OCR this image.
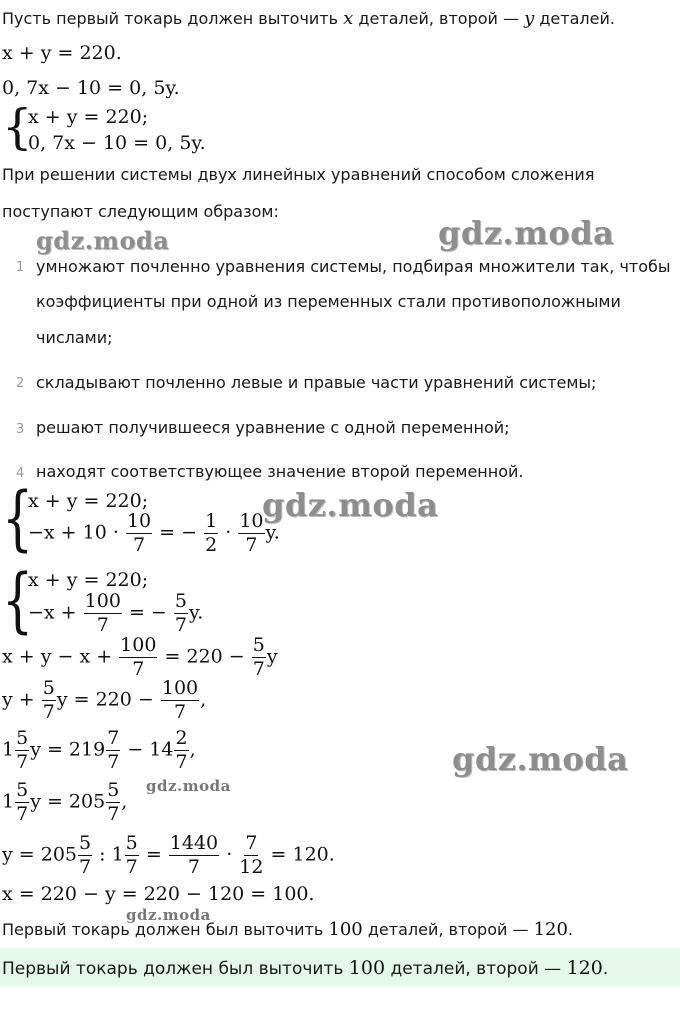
Пусть первый токарь должен выточить x деталей, второй — y деталей.
x + y = 220.
0, 7x − 10 = 0, 5y.
{
x + y = 220;
0, 7x − 10 = 0, 5y.
При решении системы двух линейных уравнений способом сложения
поступают следующим образом:
gdz.moda	gdz.moda
1 умножают почленно уравнения системы, подбирая множители так, чтобы
коэффициенты при одной из переменных стали противоположными
числами;
2 складывают почленно левые и правые части уравнений системы;
3 решают получившееся уравнение с одной переменной;
4 находят соответствующее значение второй переменной.
{
x + y = 220;
$-x + 10 \cdot \frac{10}{7}$ = − $\frac{1}{2} \cdot \frac{10}{7} y$.
gdz.moda
{
x + y = 220;
$-x + \frac{100}{7}$ = − $\frac{5}{7} y$.
$x + y - x + \frac{100}{7} = 220 - \frac{5}{7}$ y
$y + \frac{5}{7}$ $y = 220 - \frac{100}{7}$ ,
$1 \frac{5}{7}$ $y = 219 \frac{7}{7} - 14 \frac{2}{7}$ ,	gdz.moda
gdz.moda
$1 \frac{5}{7}$ $y = 205 \frac{5}{7}$ ,
$y = 205 \frac{5}{7}$ : $1 \frac{5}{7} = \frac{1440}{7} \cdot \frac{7}{12} = 120$.
x = 220 − y = 220 − 120 = 100.
gdz.moda
Первый токарь должен был выточить 100 деталей, второй — 120.
Первый токарь должен был выточить 100 деталей, второй — 120.
